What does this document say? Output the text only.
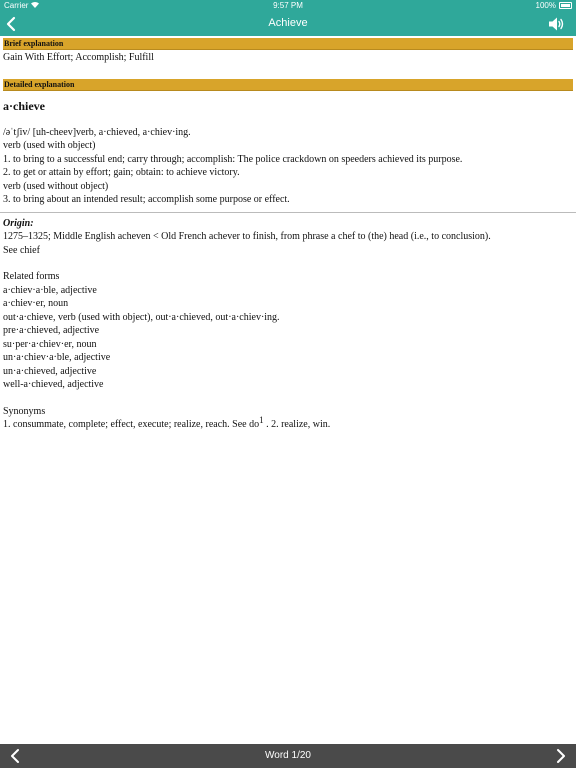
Carrier	9:57 PM	100%
Achieve
Brief explanation
Gain With Effort; Accomplish; Fulfill
Detailed explanation
a·chieve
/əˈtʃiv/ [uh-cheev]verb, a·chieved, a·chiev·ing.
verb (used with object)
1. to bring to a successful end; carry through; accomplish: The police crackdown on speeders achieved its purpose.
2. to get or attain by effort; gain; obtain: to achieve victory.
verb (used without object)
3. to bring about an intended result; accomplish some purpose or effect.
Origin:
1275–1325; Middle English acheven < Old French achever to finish, from phrase a chef to (the) head (i.e., to conclusion).
See chief
Related forms
a·chiev·a·ble, adjective
a·chiev·er, noun
out·a·chieve, verb (used with object), out·a·chieved, out·a·chiev·ing.
pre·a·chieved, adjective
su·per·a·chiev·er, noun
un·a·chiev·a·ble, adjective
un·a·chieved, adjective
well-a·chieved, adjective
Synonyms
1. consummate, complete; effect, execute; realize, reach. See $do^1$ . 2. realize, win.
Word 1/20
